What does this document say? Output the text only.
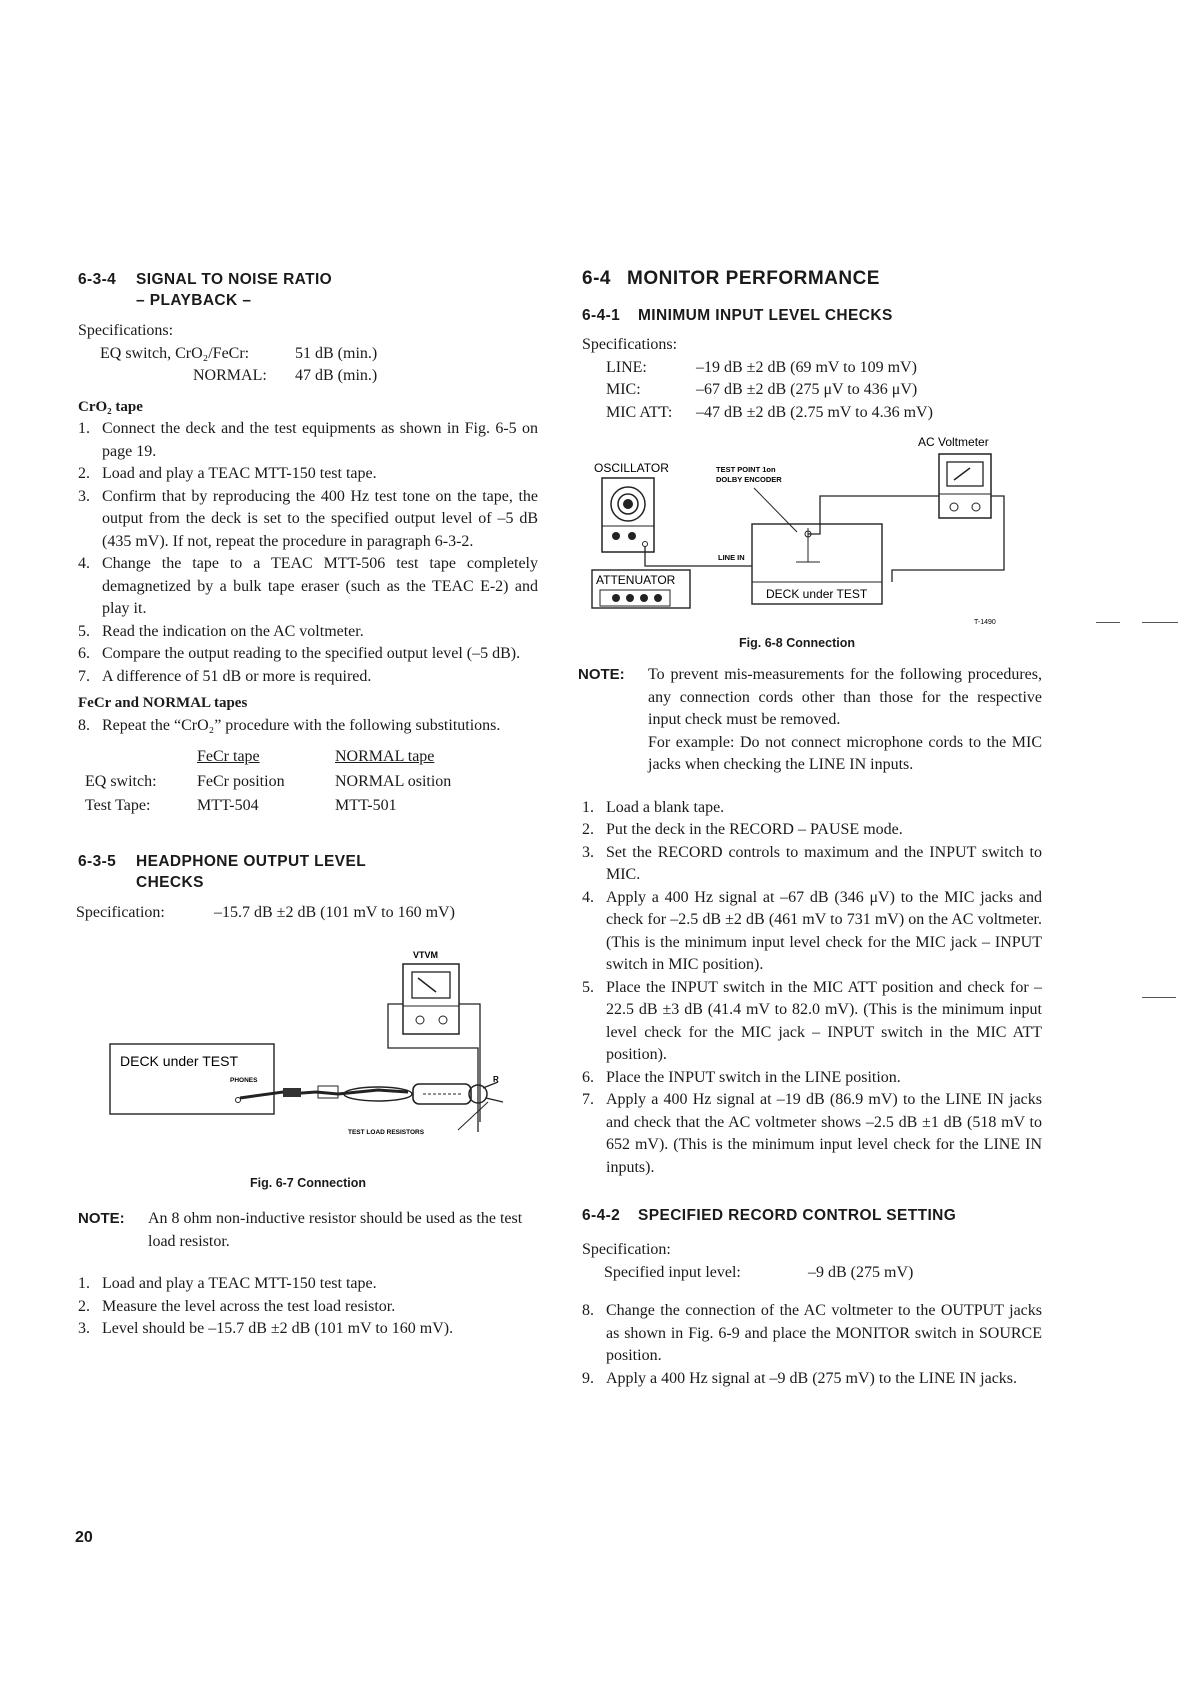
6-3-4 SIGNAL TO NOISE RATIO
– PLAYBACK –

Specifications:

EQ switch, CrO₂/FeCr:	51 dB (min.)
NORMAL:	47 dB (min.)

CrO₂ tape

1. Connect the deck and the test equipments as shown in Fig. 6-5 on page 19.
2. Load and play a TEAC MTT-150 test tape.
3. Confirm that by reproducing the 400 Hz test tone on the tape, the output from the deck is set to the specified output level of –5 dB (435 mV). If not, repeat the procedure in paragraph 6-3-2.
4. Change the tape to a TEAC MTT-506 test tape completely demagnetized by a bulk tape eraser (such as the TEAC E-2) and play it.
5. Read the indication on the AC voltmeter.
6. Compare the output reading to the specified output level (–5 dB).
7. A difference of 51 dB or more is required.

FeCr and NORMAL tapes

8. Repeat the “CrO₂” procedure with the following substitutions.
	FeCr tape	NORMAL tape
EQ switch:	FeCr position	NORMAL osition
Test Tape:	MTT-504	MTT-501
6-3-5 HEADPHONE OUTPUT LEVEL
CHECKS
Specification:	–15.7 dB ±2 dB (101 mV to 160 mV)
VTVM
DECK under TEST
PHONES	R
TEST LOAD RESISTORS

Fig. 6-7 Connection

NOTE:	An 8 ohm non-inductive resistor should be used as the test load resistor.
1. Load and play a TEAC MTT-150 test tape.
2. Measure the level across the test load resistor.
3. Level should be –15.7 dB ±2 dB (101 mV to 160 mV).
6-4 MONITOR PERFORMANCE
6-4-1 MINIMUM INPUT LEVEL CHECKS

Specifications:

LINE:	–19 dB ±2 dB (69 mV to 109 mV)
MIC:	–67 dB ±2 dB (275 μV to 436 μV)
MIC ATT:	–47 dB ±2 dB (2.75 mV to 4.36 mV)
AC Voltmeter
OSCILLATOR	TEST POINT 1on
DOLBY ENCODER
DECK under TEST
LINE IN
ATTENUATOR
T-1490

Fig. 6-8 Connection

NOTE:	To prevent mis-measurements for the following procedures, any connection cords other than those for the respective input check must be removed.
For example: Do not connect microphone cords to the MIC jacks when checking the LINE IN inputs.
1. Load a blank tape.
2. Put the deck in the RECORD – PAUSE mode.
3. Set the RECORD controls to maximum and the INPUT switch to MIC.
4. Apply a 400 Hz signal at –67 dB (346 μV) to the MIC jacks and check for –2.5 dB ±2 dB (461 mV to 731 mV) on the AC voltmeter. (This is the minimum input level check for the MIC jack – INPUT switch in MIC position).
5. Place the INPUT switch in the MIC ATT position and check for –22.5 dB ±3 dB (41.4 mV to 82.0 mV). (This is the minimum input level check for the MIC jack – INPUT switch in the MIC ATT position).
6. Place the INPUT switch in the LINE position.
7. Apply a 400 Hz signal at –19 dB (86.9 mV) to the LINE IN jacks and check that the AC voltmeter shows –2.5 dB ±1 dB (518 mV to 652 mV). (This is the minimum input level check for the LINE IN inputs).
6-4-2 SPECIFIED RECORD CONTROL SETTING

Specification:

Specified input level:	–9 dB (275 mV)
8. Change the connection of the AC voltmeter to the OUTPUT jacks as shown in Fig. 6-9 and place the MONITOR switch in SOURCE position.
9. Apply a 400 Hz signal at –9 dB (275 mV) to the LINE IN jacks.
20
